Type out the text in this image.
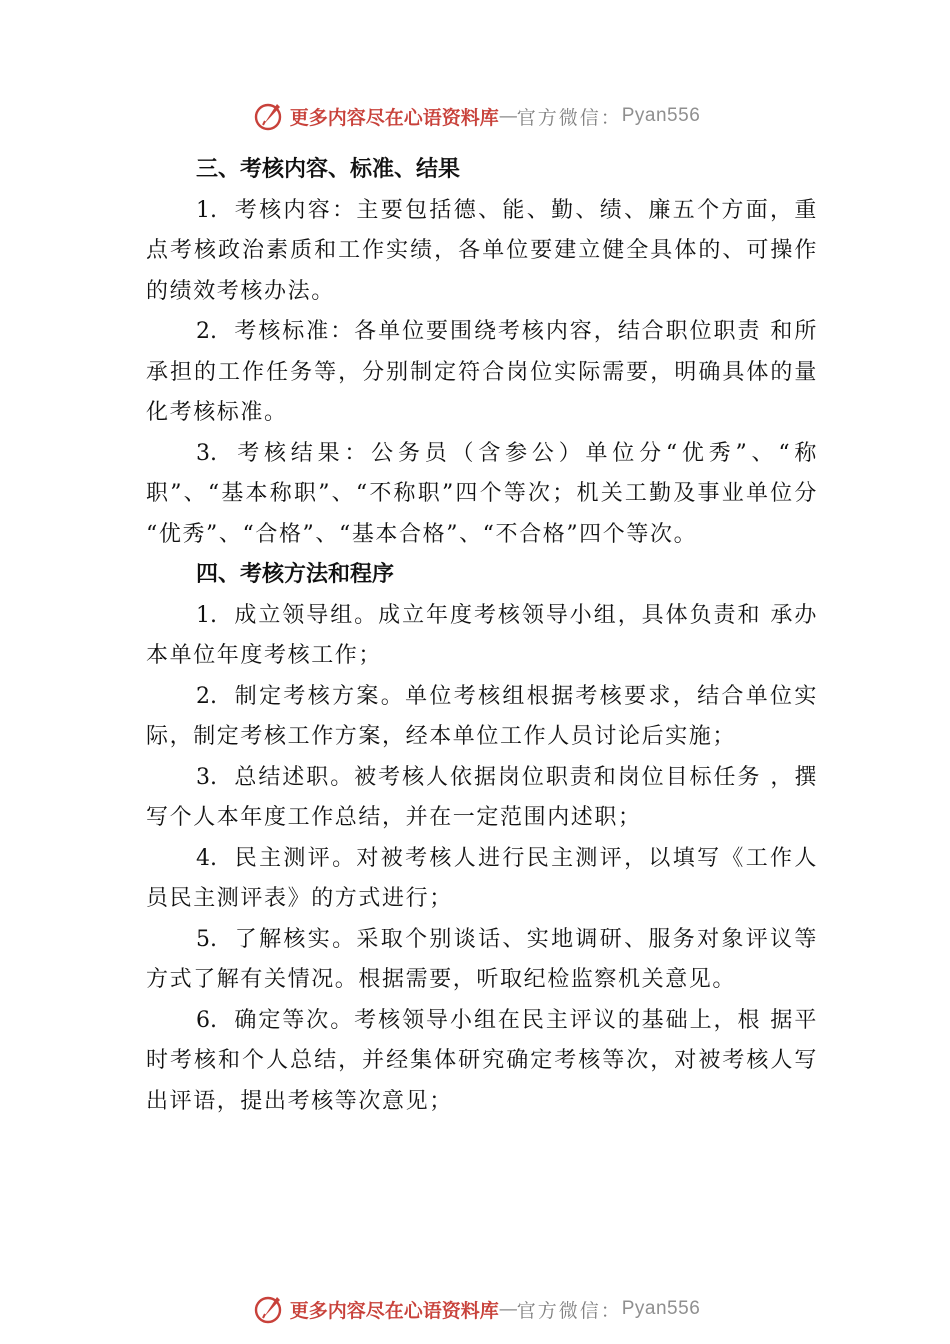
更多内容尽在心语资料库 — 官方微信： Pyan556
三、考核内容、标准、结果

1. 考核内容：主要包括德、能、勤、绩、廉五个方面，重点考核政治素质和工作实绩，各单位要建立健全具体的、可操作的绩效考核办法。

2. 考核标准：各单位要围绕考核内容，结合职位职责 和所承担的工作任务等，分别制定符合岗位实际需要，明确具体的量化考核标准。

3. 考核结果：公务员（含参公）单位分“优秀”、“称职”、“基本称职”、“不称职”四个等次；机关工勤及事业单位分 “优秀”、“合格”、“基本合格”、“不合格”四个等次。

四、考核方法和程序

1. 成立领导组。成立年度考核领导小组，具体负责和 承办本单位年度考核工作；

2. 制定考核方案。单位考核组根据考核要求，结合单位实际，制定考核工作方案，经本单位工作人员讨论后实施；

3. 总结述职。被考核人依据岗位职责和岗位目标任务 ，撰写个人本年度工作总结，并在一定范围内述职；

4. 民主测评。对被考核人进行民主测评，以填写《工作人员民主测评表》的方式进行；

5. 了解核实。采取个别谈话、实地调研、服务对象评议等方式了解有关情况。根据需要，听取纪检监察机关意见。

6. 确定等次。考核领导小组在民主评议的基础上，根 据平时考核和个人总结，并经集体研究确定考核等次，对被考核人写出评语，提出考核等次意见；

更多内容尽在心语资料库 — 官方微信： Pyan556
